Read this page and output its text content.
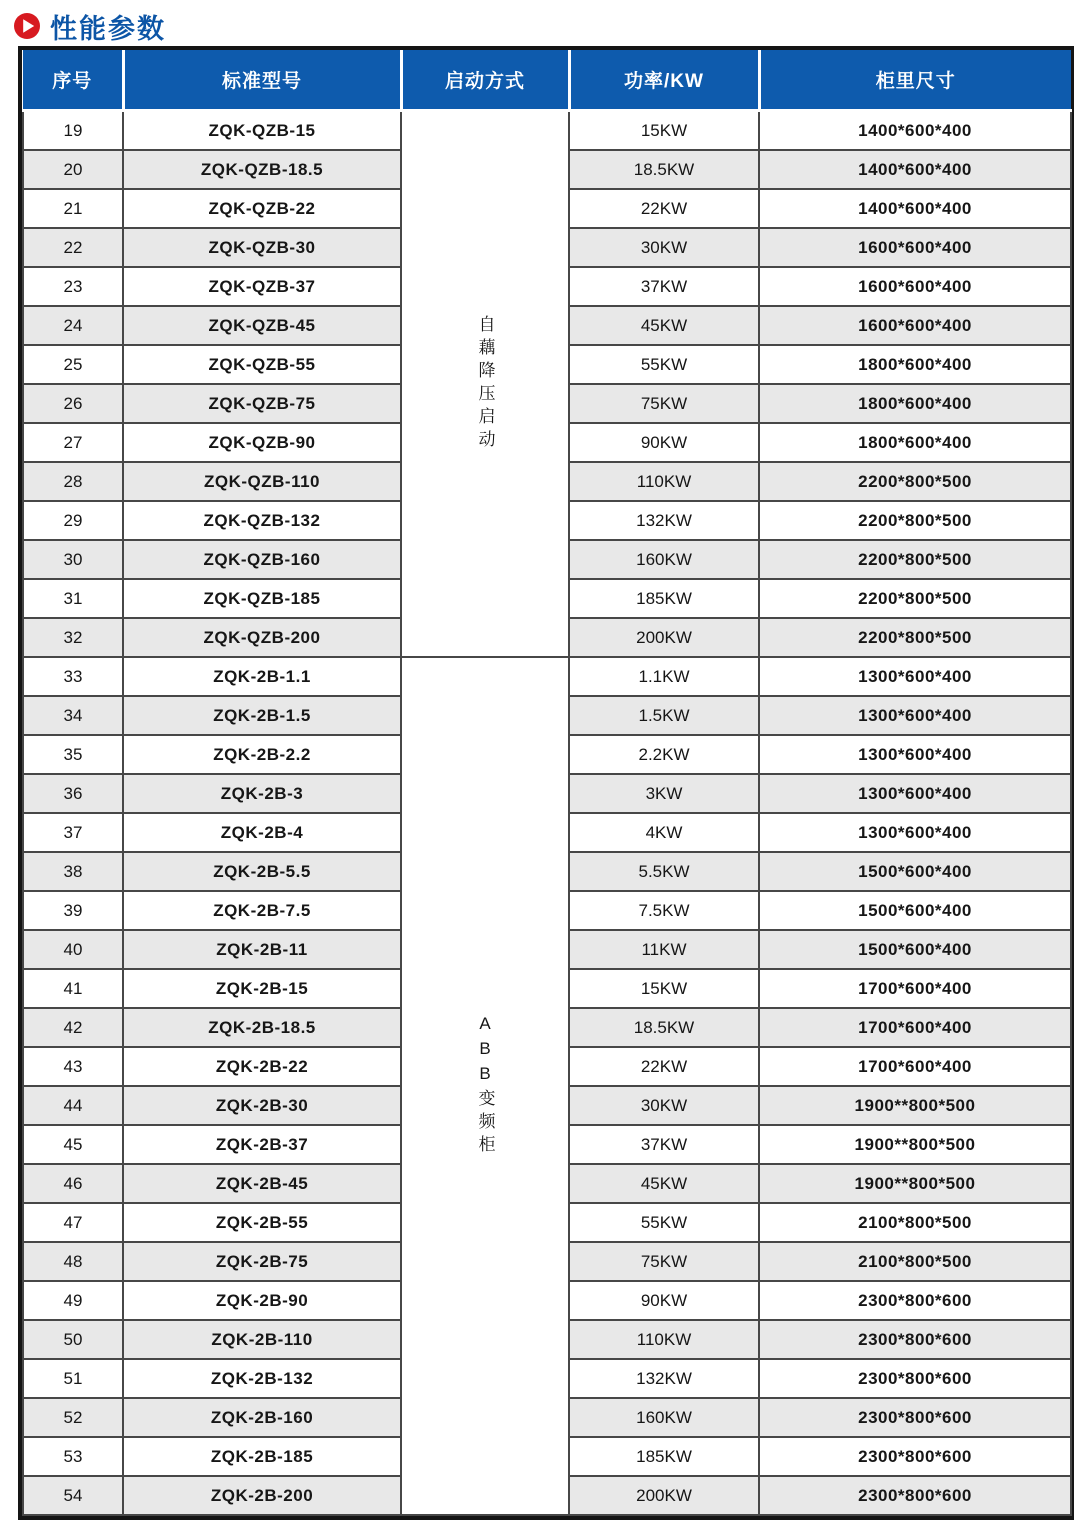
性能参数
序号	标准型号	启动方式	功率/KW	柜里尺寸
19	ZQK-QZB-15	自藕降压启动	15KW	1400*600*400
20	ZQK-QZB-18.5		18.5KW	1400*600*400
21	ZQK-QZB-22		22KW	1400*600*400
22	ZQK-QZB-30		30KW	1600*600*400
23	ZQK-QZB-37		37KW	1600*600*400
24	ZQK-QZB-45		45KW	1600*600*400
25	ZQK-QZB-55		55KW	1800*600*400
26	ZQK-QZB-75		75KW	1800*600*400
27	ZQK-QZB-90		90KW	1800*600*400
28	ZQK-QZB-110		110KW	2200*800*500
29	ZQK-QZB-132		132KW	2200*800*500
30	ZQK-QZB-160		160KW	2200*800*500
31	ZQK-QZB-185		185KW	2200*800*500
32	ZQK-QZB-200		200KW	2200*800*500
33	ZQK-2B-1.1	ABB变频柜	1.1KW	1300*600*400
34	ZQK-2B-1.5		1.5KW	1300*600*400
35	ZQK-2B-2.2		2.2KW	1300*600*400
36	ZQK-2B-3		3KW	1300*600*400
37	ZQK-2B-4		4KW	1300*600*400
38	ZQK-2B-5.5		5.5KW	1500*600*400
39	ZQK-2B-7.5		7.5KW	1500*600*400
40	ZQK-2B-11		11KW	1500*600*400
41	ZQK-2B-15		15KW	1700*600*400
42	ZQK-2B-18.5		18.5KW	1700*600*400
43	ZQK-2B-22		22KW	1700*600*400
44	ZQK-2B-30		30KW	1900**800*500
45	ZQK-2B-37		37KW	1900**800*500
46	ZQK-2B-45		45KW	1900**800*500
47	ZQK-2B-55		55KW	2100*800*500
48	ZQK-2B-75		75KW	2100*800*500
49	ZQK-2B-90		90KW	2300*800*600
50	ZQK-2B-110		110KW	2300*800*600
51	ZQK-2B-132		132KW	2300*800*600
52	ZQK-2B-160		160KW	2300*800*600
53	ZQK-2B-185		185KW	2300*800*600
54	ZQK-2B-200		200KW	2300*800*600
